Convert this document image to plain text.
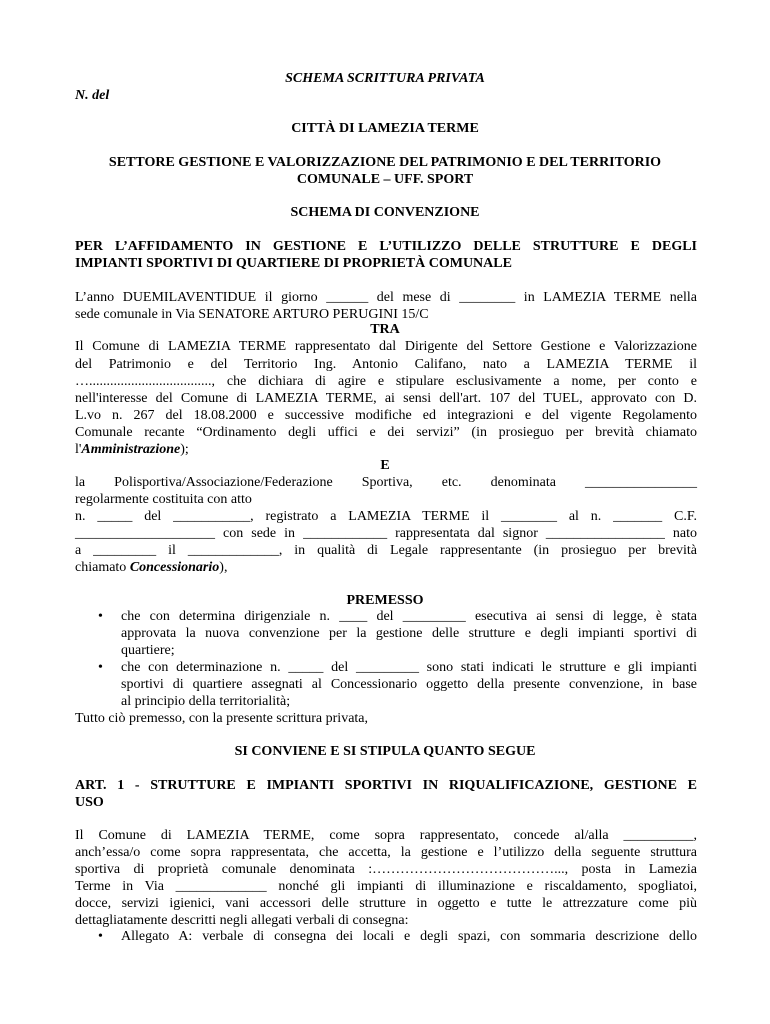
SCHEMA SCRITTURA PRIVATA
N. del
CITTÀ DI LAMEZIA TERME
SETTORE GESTIONE E VALORIZZAZIONE DEL PATRIMONIO E DEL TERRITORIO
COMUNALE – UFF. SPORT
SCHEMA DI CONVENZIONE
PER L’AFFIDAMENTO IN GESTIONE E L’UTILIZZO DELLE STRUTTURE E DEGLI
IMPIANTI SPORTIVI DI QUARTIERE DI PROPRIETÀ COMUNALE
L’anno DUEMILAVENTIDUE il giorno ______ del mese di ________ in LAMEZIA TERME nella
sede comunale in Via SENATORE ARTURO PERUGINI 15/C
TRA
Il Comune di LAMEZIA TERME rappresentato dal Dirigente del Settore Gestione e Valorizzazione
del Patrimonio e del Territorio Ing. Antonio Califano, nato a LAMEZIA TERME il
…..................................., che dichiara di agire e stipulare esclusivamente a nome, per conto e
nell'interesse del Comune di LAMEZIA TERME, ai sensi dell'art. 107 del TUEL, approvato con D.
L.vo n. 267 del 18.08.2000 e successive modifiche ed integrazioni e del vigente Regolamento
Comunale recante “Ordinamento degli uffici e dei servizi” (in prosieguo per brevità chiamato
l'Amministrazione);
E
la Polisportiva/Associazione/Federazione Sportiva, etc. denominata ________________
regolarmente costituita con atto
n. _____ del ___________, registrato a LAMEZIA TERME il ________ al n. _______ C.F.
____________________ con sede in ____________ rappresentata dal signor _________________ nato
a _________ il _____________, in qualità di Legale rappresentante (in prosieguo per brevità
chiamato Concessionario),
PREMESSO
• che con determina dirigenziale n. ____ del _________ esecutiva ai sensi di legge, è stata
approvata la nuova convenzione per la gestione delle strutture e degli impianti sportivi di
quartiere;
• che con determinazione n. _____ del _________ sono stati indicati le strutture e gli impianti
sportivi di quartiere assegnati al Concessionario oggetto della presente convenzione, in base
al principio della territorialità;
Tutto ciò premesso, con la presente scrittura privata,
SI CONVIENE E SI STIPULA QUANTO SEGUE
ART. 1 - STRUTTURE E IMPIANTI SPORTIVI IN RIQUALIFICAZIONE, GESTIONE E
USO
Il Comune di LAMEZIA TERME, come sopra rappresentato, concede al/alla __________,
anch’essa/o come sopra rappresentata, che accetta, la gestione e l’utilizzo della seguente struttura
sportiva di proprietà comunale denominata :…………………………………..., posta in Lamezia
Terme in Via _____________ nonché gli impianti di illuminazione e riscaldamento, spogliatoi,
docce, servizi igienici, vani accessori delle strutture in oggetto e tutte le attrezzature come più
dettagliatamente descritti negli allegati verbali di consegna:
• Allegato A: verbale di consegna dei locali e degli spazi, con sommaria descrizione dello
